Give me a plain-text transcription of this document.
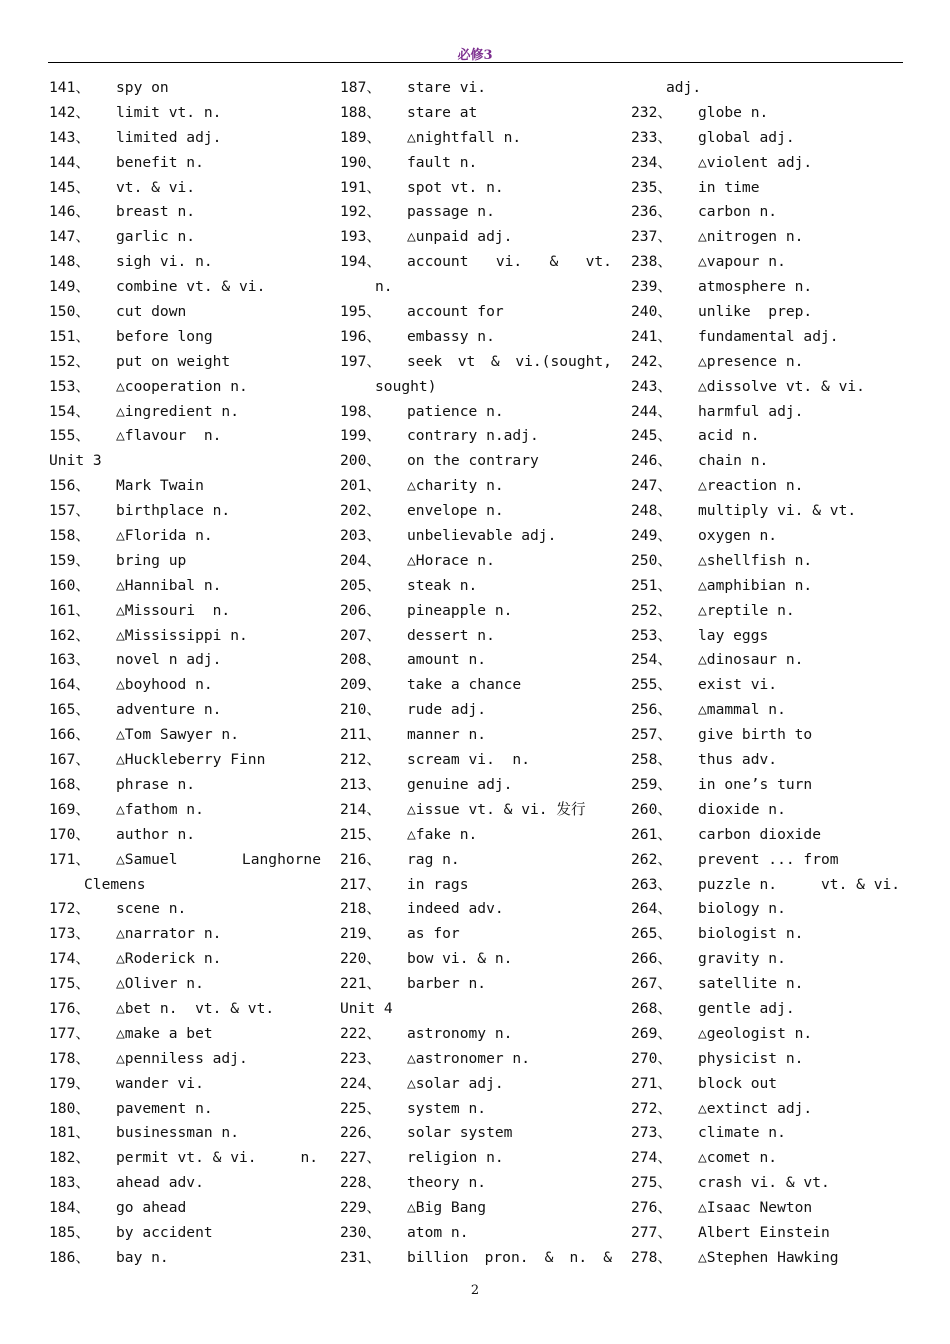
必修3
141、 spy on
142、 limit vt. n.
143、 limited adj.
144、 benefit n.
145、 vt. & vi.
146、 breast n.
147、 garlic n.
148、 sigh vi. n.
149、 combine vt. & vi.
150、 cut down
151、 before long
152、 put on weight
153、 △cooperation n.
154、 △ingredient n.
155、 △flavour  n.
Unit 3
156、 Mark Twain
157、 birthplace n.
158、 △Florida n.
159、 bring up
160、 △Hannibal n.
161、 △Missouri  n.
162、 △Mississippi n.
163、 novel n adj.
164、 △boyhood n.
165、 adventure n.
166、 △Tom Sawyer n.
167、 △Huckleberry Finn
168、 phrase n.
169、 △fathom n.
170、 author n.
171、 △Samuel	Langhorne
Clemens
172、 scene n.
173、 △narrator n.
174、 △Roderick n.
175、 △Oliver n.
176、 △bet n.  vt. & vt.
177、 △make a bet
178、 △penniless adj.
179、 wander vi.
180、 pavement n.
181、 businessman n.
182、 permit vt. & vi.     n.
183、 ahead adv.
184、 go ahead
185、 by accident
186、 bay n.
187、 stare vi.
188、 stare at
189、 △nightfall n.
190、 fault n.
191、 spot vt. n.
192、 passage n.
193、 △unpaid adj.
194、 account vi. & vt.
n.
195、 account for
196、 embassy n.
197、 seek vt & vi.(sought,
sought)
198、 patience n.
199、 contrary n.adj.
200、 on the contrary
201、 △charity n.
202、 envelope n.
203、 unbelievable adj.
204、 △Horace n.
205、 steak n.
206、 pineapple n.
207、 dessert n.
208、 amount n.
209、 take a chance
210、 rude adj.
211、 manner n.
212、 scream vi.  n.
213、 genuine adj.
214、 △issue vt. & vi. 发行
215、 △fake n.
216、 rag n.
217、 in rags
218、 indeed adv.
219、 as for
220、 bow vi. & n.
221、 barber n.
Unit 4
222、 astronomy n.
223、 △astronomer n.
224、 △solar adj.
225、 system n.
226、 solar system
227、 religion n.
228、 theory n.
229、 △Big Bang
230、 atom n.
231、 billion pron. & n. &
adj.
232、 globe n.
233、 global adj.
234、 △violent adj.
235、 in time
236、 carbon n.
237、 △nitrogen n.
238、 △vapour n.
239、 atmosphere n.
240、 unlike  prep.
241、 fundamental adj.
242、 △presence n.
243、 △dissolve vt. & vi.
244、 harmful adj.
245、 acid n.
246、 chain n.
247、 △reaction n.
248、 multiply vi. & vt.
249、 oxygen n.
250、 △shellfish n.
251、 △amphibian n.
252、 △reptile n.
253、 lay eggs
254、 △dinosaur n.
255、 exist vi.
256、 △mammal n.
257、 give birth to
258、 thus adv.
259、 in one’s turn
260、 dioxide n.
261、 carbon dioxide
262、 prevent ... from
263、 puzzle n.     vt. & vi.
264、 biology n.
265、 biologist n.
266、 gravity n.
267、 satellite n.
268、 gentle adj.
269、 △geologist n.
270、 physicist n.
271、 block out
272、 △extinct adj.
273、 climate n.
274、 △comet n.
275、 crash vi. & vt.
276、 △Isaac Newton
277、 Albert Einstein
278、 △Stephen Hawking
2
